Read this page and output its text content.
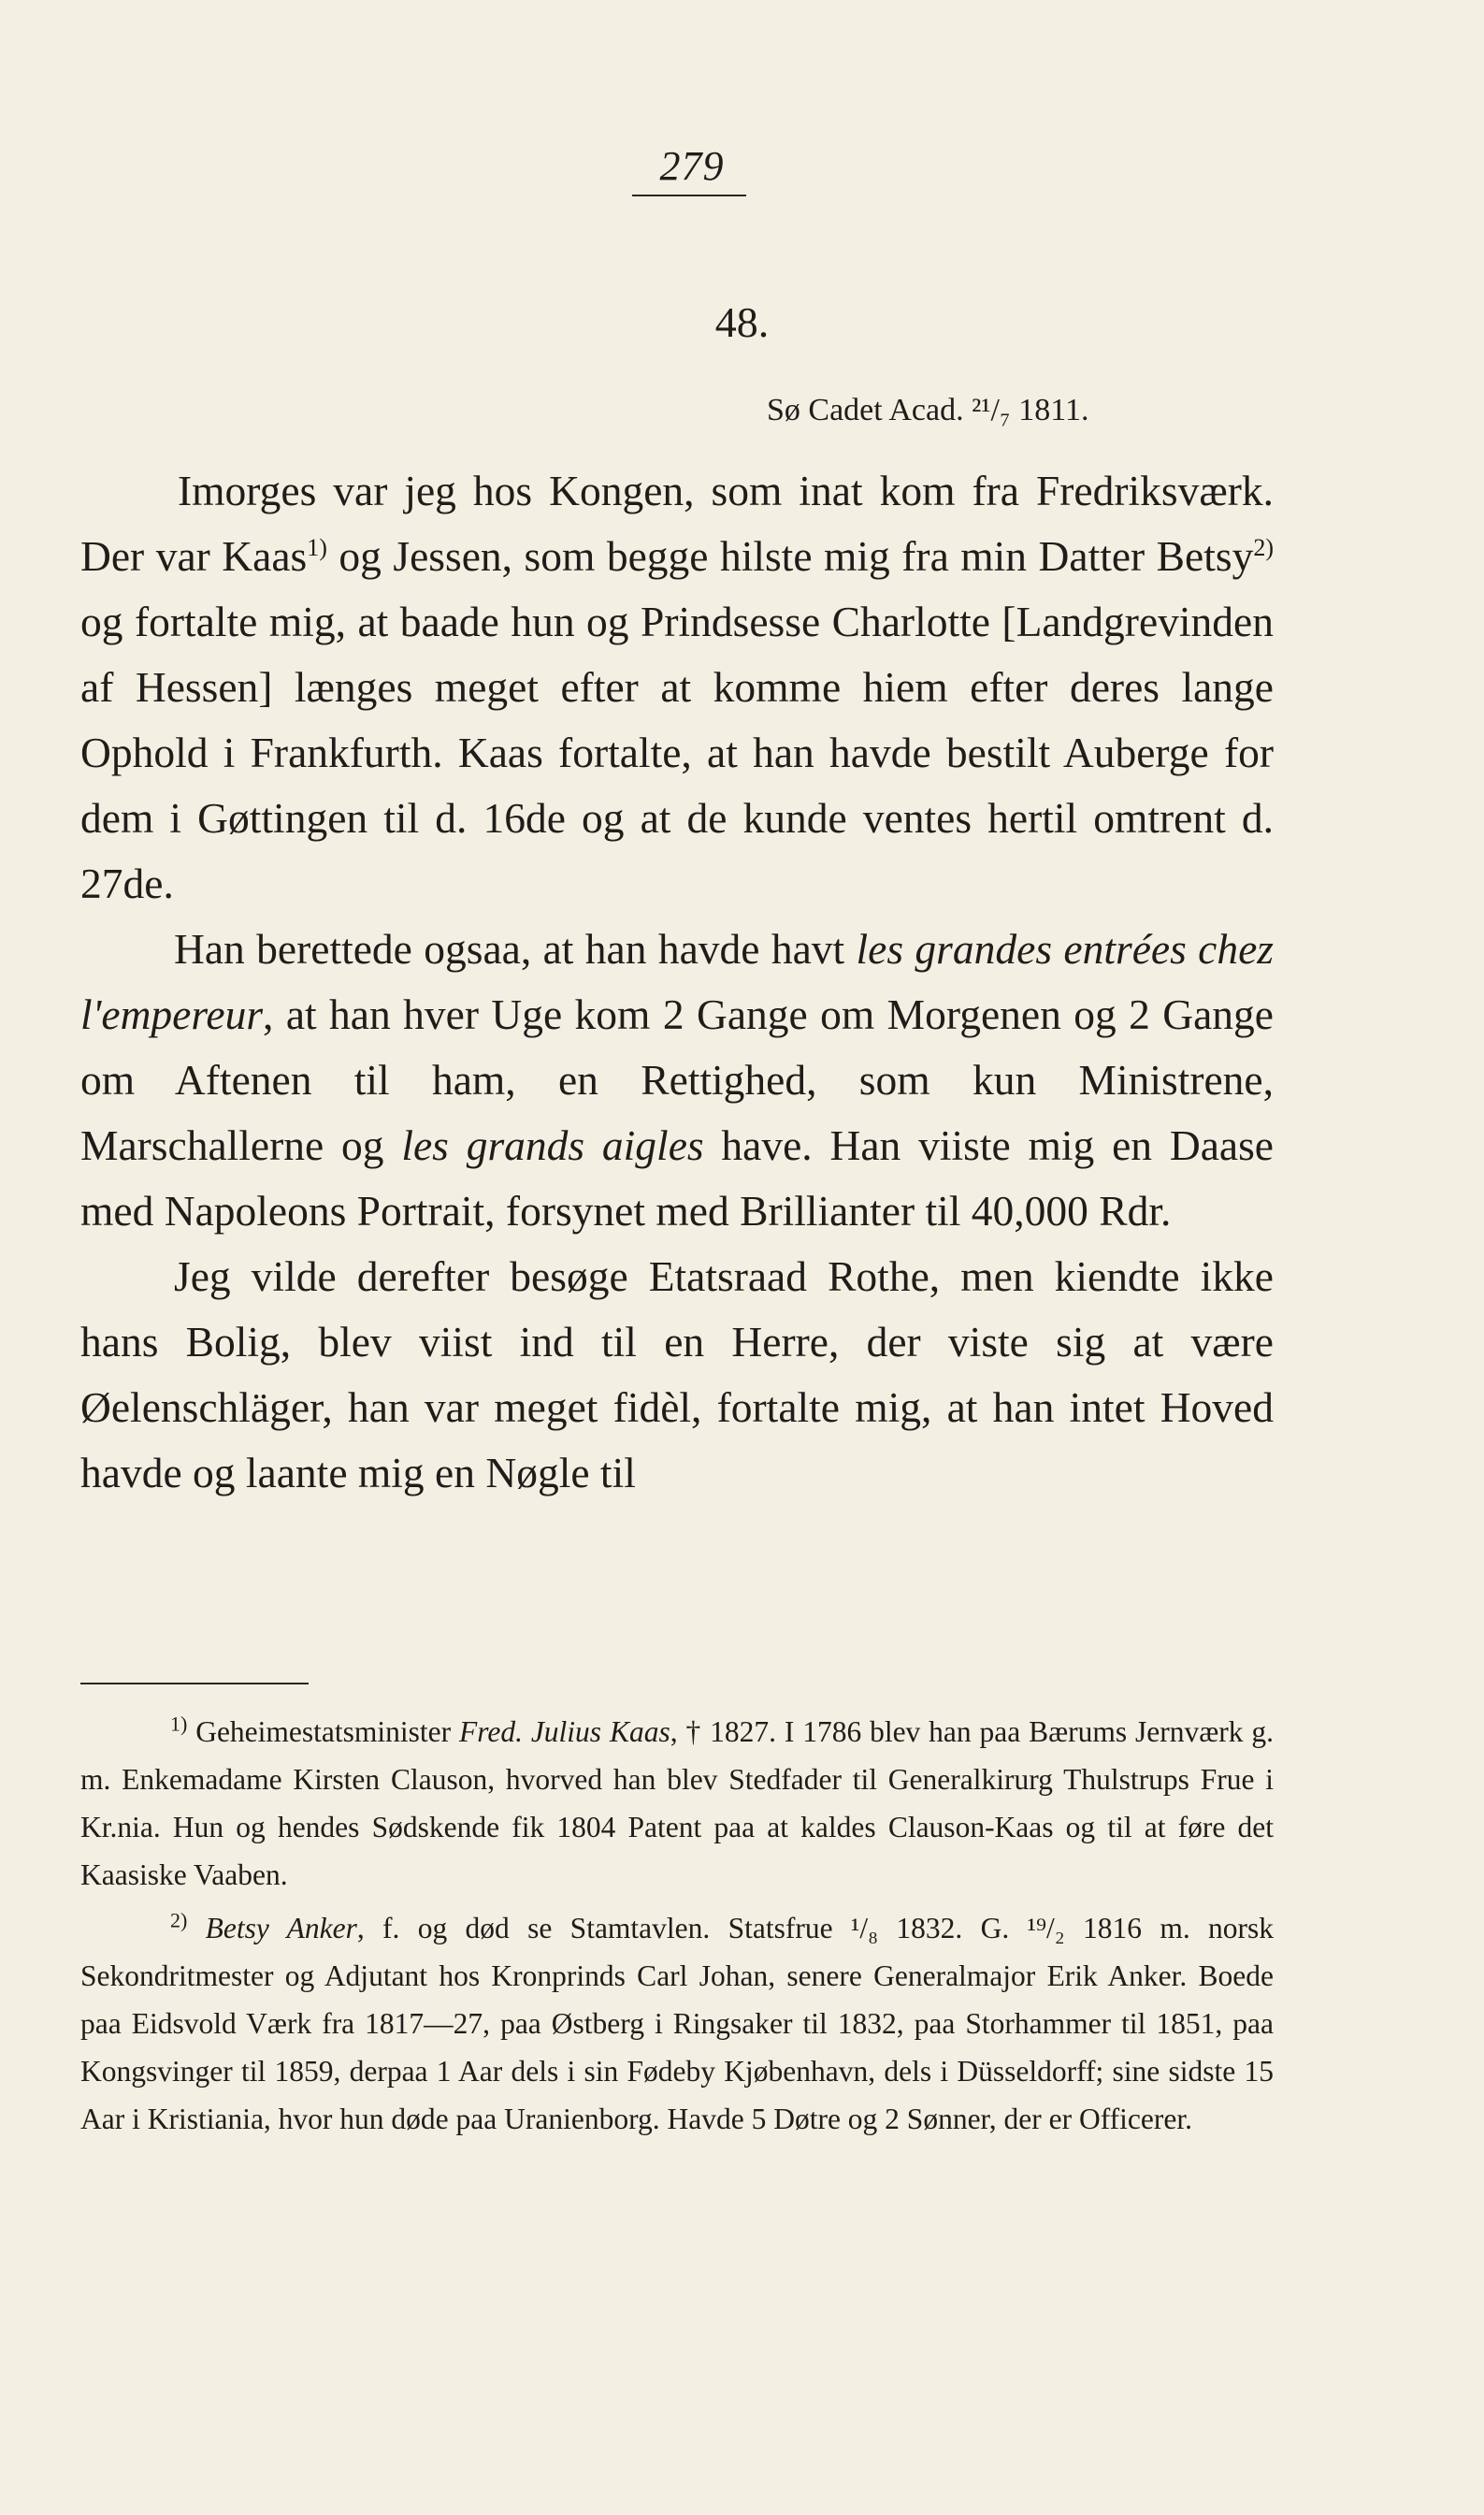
279
48.
Sø Cadet Acad. ²¹/₇ 1811.

Imorges var jeg hos Kongen, som inat kom fra Fredriksværk. Der var Kaas$^{1)}$ og Jessen, som begge hilste mig fra min Datter Betsy$^{2)}$ og fortalte mig, at baade hun og Prindsesse Charlotte [Landgrevinden af Hessen] længes meget efter at komme hiem efter deres lange Ophold i Frankfurth. Kaas fortalte, at han havde bestilt Auberge for dem i Gøttingen til d. 16de og at de kunde ventes hertil omtrent d. 27de.

Han berettede ogsaa, at han havde havt les grandes entrées chez l'empereur, at han hver Uge kom 2 Gange om Morgenen og 2 Gange om Aftenen til ham, en Rettighed, som kun Ministrene, Marschallerne og les grands aigles have. Han viiste mig en Daase med Napoleons Portrait, forsynet med Brillianter til 40,000 Rdr.

Jeg vilde derefter besøge Etatsraad Rothe, men kiendte ikke hans Bolig, blev viist ind til en Herre, der viste sig at være Øelenschläger, han var meget fidèl, fortalte mig, at han intet Hoved havde og laante mig en Nøgle til

$^{1)}$ Geheimestatsminister Fred. Julius Kaas, † 1827. I 1786 blev han paa Bærums Jernværk g. m. Enkemadame Kirsten Clauson, hvorved han blev Stedfader til Generalkirurg Thulstrups Frue i Kr.nia. Hun og hendes Sødskende fik 1804 Patent paa at kaldes Clauson-Kaas og til at føre det Kaasiske Vaaben.

$^{2)}$ Betsy Anker, f. og død se Stamtavlen. Statsfrue ¹/₈ 1832. G. ¹⁹/₂ 1816 m. norsk Sekondritmester og Adjutant hos Kronprinds Carl Johan, senere Generalmajor Erik Anker. Boede paa Eidsvold Værk fra 1817—27, paa Østberg i Ringsaker til 1832, paa Storhammer til 1851, paa Kongsvinger til 1859, derpaa 1 Aar dels i sin Fødeby Kjøbenhavn, dels i Düsseldorff; sine sidste 15 Aar i Kristiania, hvor hun døde paa Uranienborg. Havde 5 Døtre og 2 Sønner, der er Officerer.
